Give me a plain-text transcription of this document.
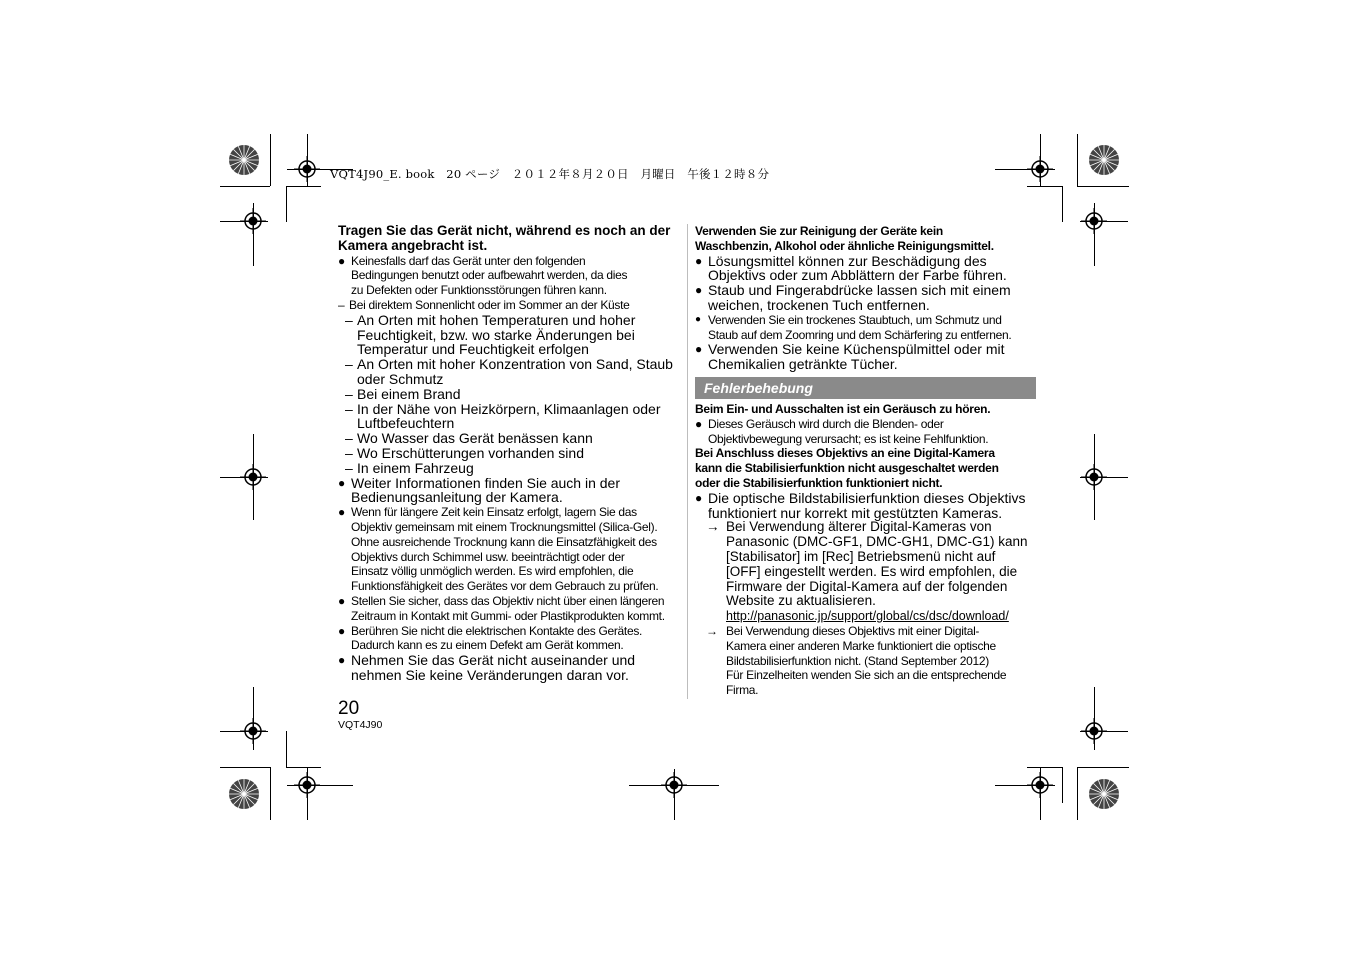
VQT4J90_E. book　20 ページ　２０１２年８月２０日　月曜日　午後１２時８分
Tragen Sie das Gerät nicht, während es noch an der Kamera angebracht ist.
● Keinesfalls darf das Gerät unter den folgenden
Bedingungen benutzt oder aufbewahrt werden, da dies
zu Defekten oder Funktionsstörungen führen kann.
– Bei direktem Sonnenlicht oder im Sommer an der Küste
– An Orten mit hohen Temperaturen und hoher Feuchtigkeit, bzw. wo starke Änderungen bei Temperatur und Feuchtigkeit erfolgen
– An Orten mit hoher Konzentration von Sand, Staub oder Schmutz
– Bei einem Brand
– In der Nähe von Heizkörpern, Klimaanlagen oder Luftbefeuchtern
– Wo Wasser das Gerät benässen kann
– Wo Erschütterungen vorhanden sind
– In einem Fahrzeug
● Weiter Informationen finden Sie auch in der Bedienungsanleitung der Kamera.
● Wenn für längere Zeit kein Einsatz erfolgt, lagern Sie das
Objektiv gemeinsam mit einem Trocknungsmittel (Silica-Gel).
Ohne ausreichende Trocknung kann die Einsatzfähigkeit des
Objektivs durch Schimmel usw. beeinträchtigt oder der
Einsatz völlig unmöglich werden. Es wird empfohlen, die
Funktionsfähigkeit des Gerätes vor dem Gebrauch zu prüfen.
● Stellen Sie sicher, dass das Objektiv nicht über einen längeren
Zeitraum in Kontakt mit Gummi- oder Plastikprodukten kommt.
● Berühren Sie nicht die elektrischen Kontakte des Gerätes.
Dadurch kann es zu einem Defekt am Gerät kommen.
● Nehmen Sie das Gerät nicht auseinander und nehmen Sie keine Veränderungen daran vor.
Verwenden Sie zur Reinigung der Geräte kein
Waschbenzin, Alkohol oder ähnliche Reinigungsmittel.
● Lösungsmittel können zur Beschädigung des Objektivs oder zum Abblättern der Farbe führen.
● Staub und Fingerabdrücke lassen sich mit einem weichen, trockenen Tuch entfernen.
● Verwenden Sie ein trockenes Staubtuch, um Schmutz und
Staub auf dem Zoomring und dem Schärfering zu entfernen.
● Verwenden Sie keine Küchenspülmittel oder mit Chemikalien getränkte Tücher.
Fehlerbehebung
Beim Ein- und Ausschalten ist ein Geräusch zu hören.
● Dieses Geräusch wird durch die Blenden- oder
Objektivbewegung verursacht; es ist keine Fehlfunktion.
Bei Anschluss dieses Objektivs an eine Digital-Kamera
kann die Stabilisierfunktion nicht ausgeschaltet werden
oder die Stabilisierfunktion funktioniert nicht.
● Die optische Bildstabilisierfunktion dieses Objektivs funktioniert nur korrekt mit gestützten Kameras.
→ Bei Verwendung älterer Digital-Kameras von
Panasonic (DMC-GF1, DMC-GH1, DMC-G1) kann
[Stabilisator] im [Rec] Betriebsmenü nicht auf
[OFF] eingestellt werden. Es wird empfohlen, die
Firmware der Digital-Kamera auf der folgenden
Website zu aktualisieren.
http://panasonic.jp/support/global/cs/dsc/download/
→ Bei Verwendung dieses Objektivs mit einer Digital-
Kamera einer anderen Marke funktioniert die optische
Bildstabilisierfunktion nicht. (Stand September 2012)
Für Einzelheiten wenden Sie sich an die entsprechende
Firma.
20
VQT4J90
